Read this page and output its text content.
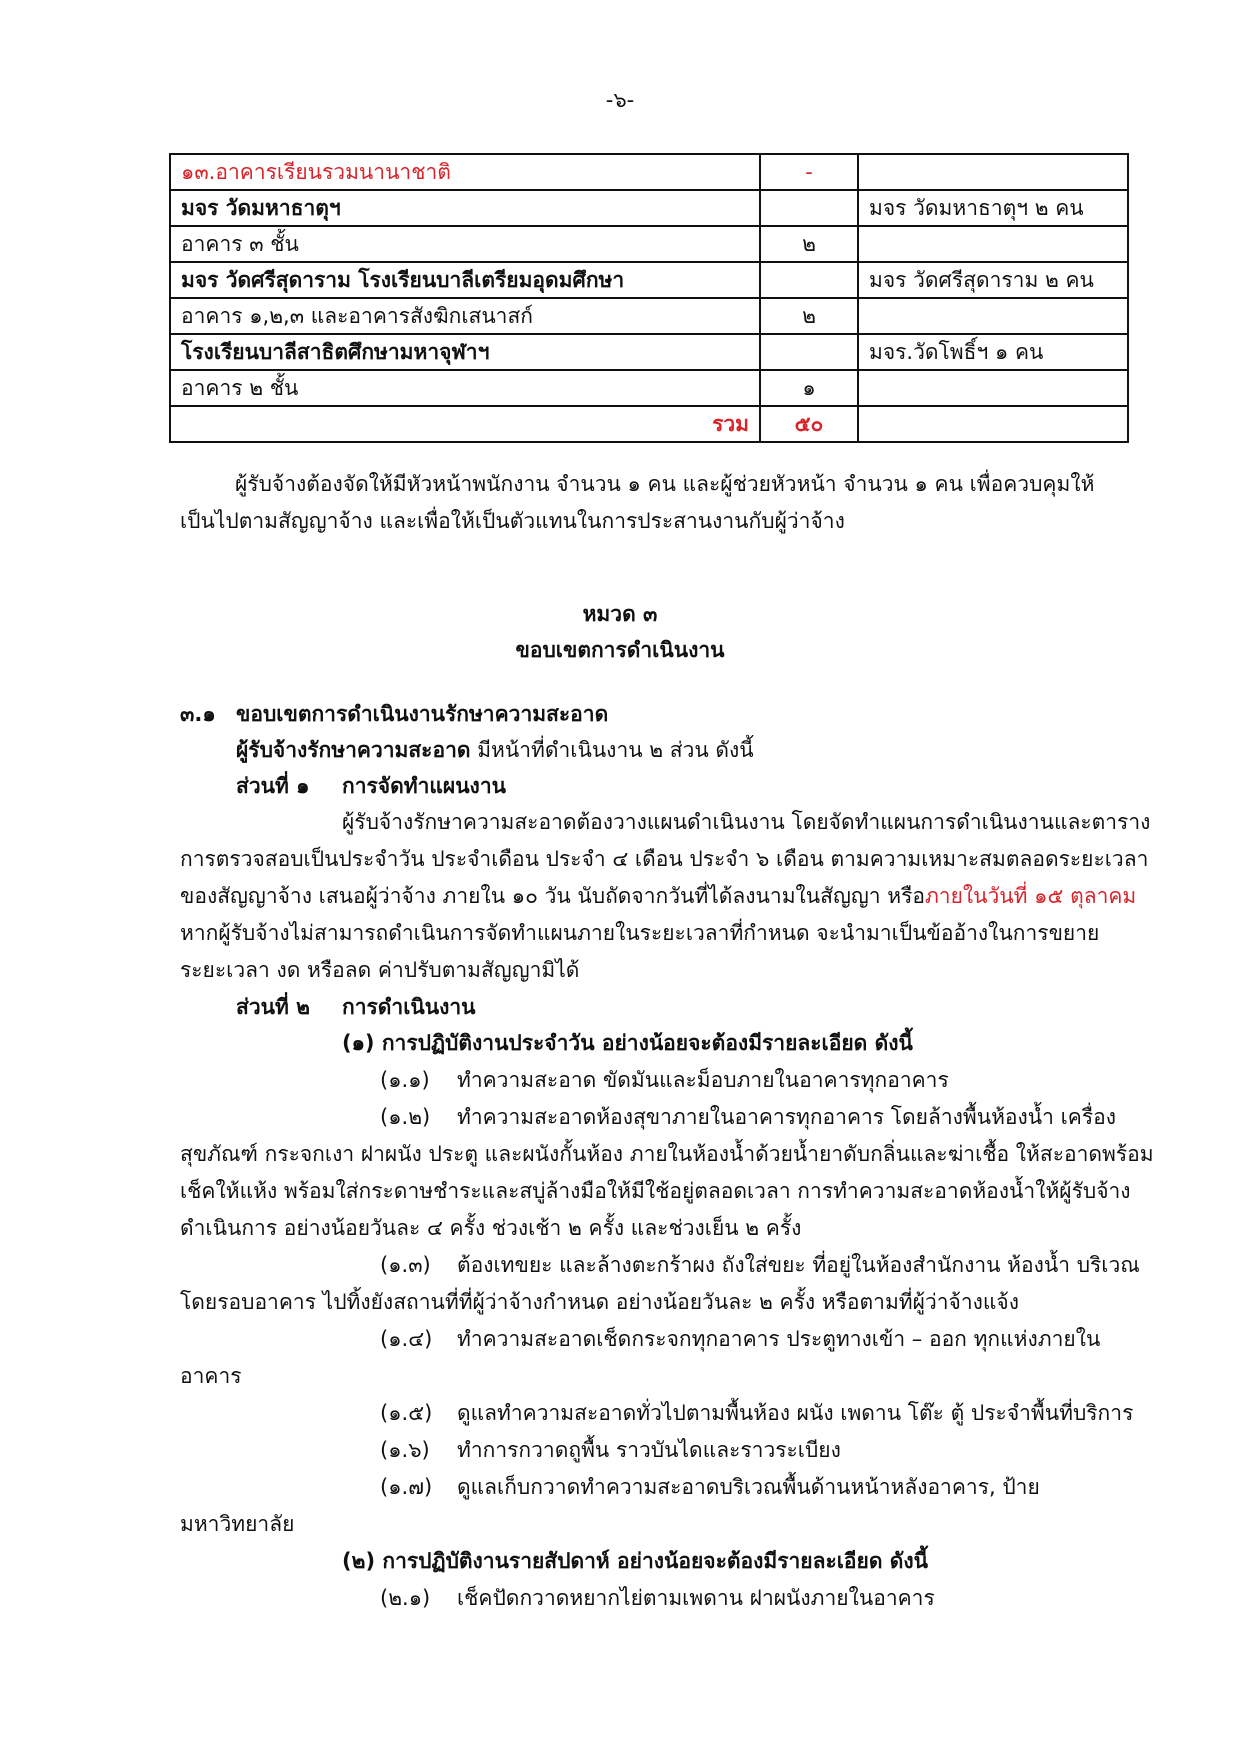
-๖-
๑๓.อาคารเรียนรวมนานาชาติ	-	
มจร วัดมหาธาตุฯ		มจร วัดมหาธาตุฯ ๒ คน
อาคาร ๓ ชั้น	๒	
มจร วัดศรีสุดาราม โรงเรียนบาลีเตรียมอุดมศึกษา		มจร วัดศรีสุดาราม ๒ คน
อาคาร ๑,๒,๓ และอาคารสังฆิกเสนาสก์	๒	
โรงเรียนบาลีสาธิตศึกษามหาจุฬาฯ		มจร.วัดโพธิ์ฯ ๑ คน
อาคาร ๒ ชั้น	๑	
รวม	๕๐	
ผู้รับจ้างต้องจัดให้มีหัวหน้าพนักงาน จำนวน ๑ คน และผู้ช่วยหัวหน้า จำนวน ๑ คน เพื่อควบคุมให้
เป็นไปตามสัญญาจ้าง และเพื่อให้เป็นตัวแทนในการประสานงานกับผู้ว่าจ้าง
หมวด ๓
ขอบเขตการดำเนินงาน
๓.๑ ขอบเขตการดำเนินงานรักษาความสะอาด
ผู้รับจ้างรักษาความสะอาด มีหน้าที่ดำเนินงาน ๒ ส่วน ดังนี้
ส่วนที่ ๑ การจัดทำแผนงาน
ผู้รับจ้างรักษาความสะอาดต้องวางแผนดำเนินงาน โดยจัดทำแผนการดำเนินงานและตาราง
การตรวจสอบเป็นประจำวัน ประจำเดือน ประจำ ๔ เดือน ประจำ ๖ เดือน ตามความเหมาะสมตลอดระยะเวลา
ของสัญญาจ้าง เสนอผู้ว่าจ้าง ภายใน ๑๐ วัน นับถัดจากวันที่ได้ลงนามในสัญญา หรือภายในวันที่ ๑๕ ตุลาคม
หากผู้รับจ้างไม่สามารถดำเนินการจัดทำแผนภายในระยะเวลาที่กำหนด จะนำมาเป็นข้ออ้างในการขยาย
ระยะเวลา งด หรือลด ค่าปรับตามสัญญามิได้
ส่วนที่ ๒ การดำเนินงาน
(๑) การปฏิบัติงานประจำวัน อย่างน้อยจะต้องมีรายละเอียด ดังนี้
(๑.๑) ทำความสะอาด ขัดมันและม็อบภายในอาคารทุกอาคาร
(๑.๒) ทำความสะอาดห้องสุขาภายในอาคารทุกอาคาร โดยล้างพื้นห้องน้ำ เครื่อง
สุขภัณฑ์ กระจกเงา ฝาผนัง ประตู และผนังกั้นห้อง ภายในห้องน้ำด้วยน้ำยาดับกลิ่นและฆ่าเชื้อ ให้สะอาดพร้อม
เช็คให้แห้ง พร้อมใส่กระดาษชำระและสบู่ล้างมือให้มีใช้อยู่ตลอดเวลา การทำความสะอาดห้องน้ำให้ผู้รับจ้าง
ดำเนินการ อย่างน้อยวันละ ๔ ครั้ง ช่วงเช้า ๒ ครั้ง และช่วงเย็น ๒ ครั้ง
(๑.๓) ต้องเทขยะ และล้างตะกร้าผง ถังใส่ขยะ ที่อยู่ในห้องสำนักงาน ห้องน้ำ บริเวณ
โดยรอบอาคาร ไปทิ้งยังสถานที่ที่ผู้ว่าจ้างกำหนด อย่างน้อยวันละ ๒ ครั้ง หรือตามที่ผู้ว่าจ้างแจ้ง
(๑.๔) ทำความสะอาดเช็ดกระจกทุกอาคาร ประตูทางเข้า – ออก ทุกแห่งภายใน
อาคาร
(๑.๕) ดูแลทำความสะอาดทั่วไปตามพื้นห้อง ผนัง เพดาน โต๊ะ ตู้ ประจำพื้นที่บริการ
(๑.๖) ทำการกวาดถูพื้น ราวบันไดและราวระเบียง
(๑.๗) ดูแลเก็บกวาดทำความสะอาดบริเวณพื้นด้านหน้าหลังอาคาร, ป้าย
มหาวิทยาลัย
(๒) การปฏิบัติงานรายสัปดาห์ อย่างน้อยจะต้องมีรายละเอียด ดังนี้
(๒.๑) เช็คปัดกวาดหยากไย่ตามเพดาน ฝาผนังภายในอาคาร
